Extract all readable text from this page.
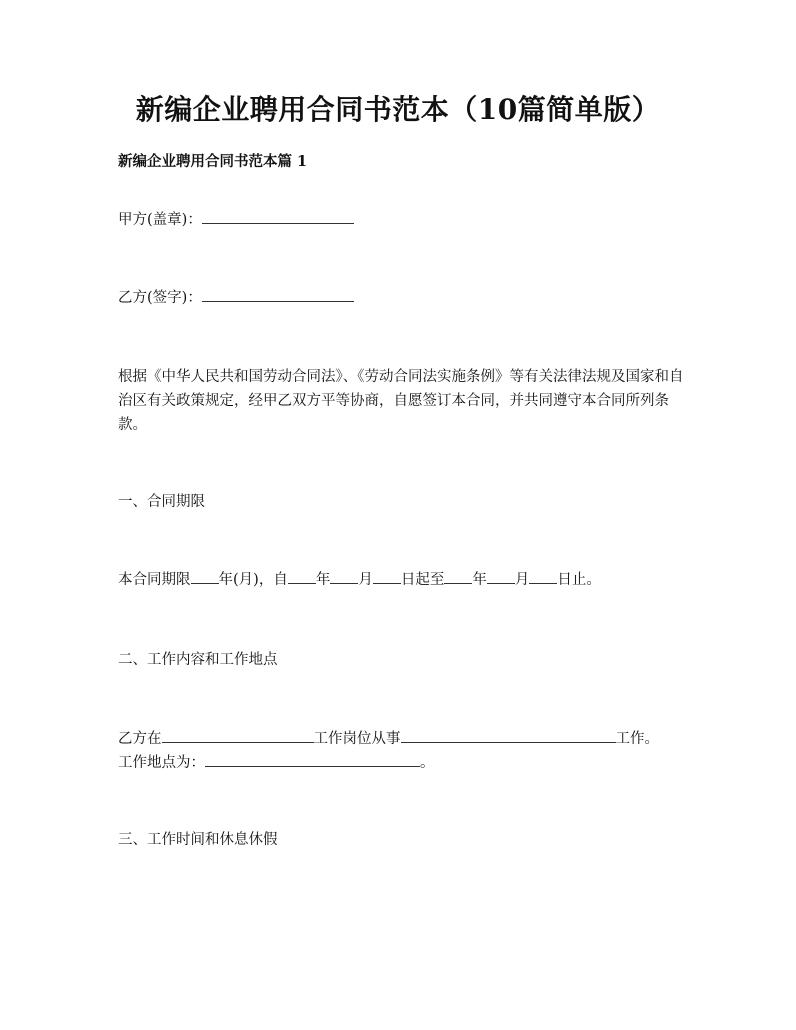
新编企业聘用合同书范本（10篇简单版）
新编企业聘用合同书范本篇 1
甲方(盖章)：
乙方(签字)：
根据《中华人民共和国劳动合同法》、《劳动合同法实施条例》等有关法律法规及国家和自治区有关政策规定，经甲乙双方平等协商，自愿签订本合同，并共同遵守本合同所列条款。
一、合同期限
本合同期限 年(月)，自 年 月 日起至 年 月 日止。
二、工作内容和工作地点
乙方在	工作岗位从事	工作。
工作地点为：	。
三、工作时间和休息休假
